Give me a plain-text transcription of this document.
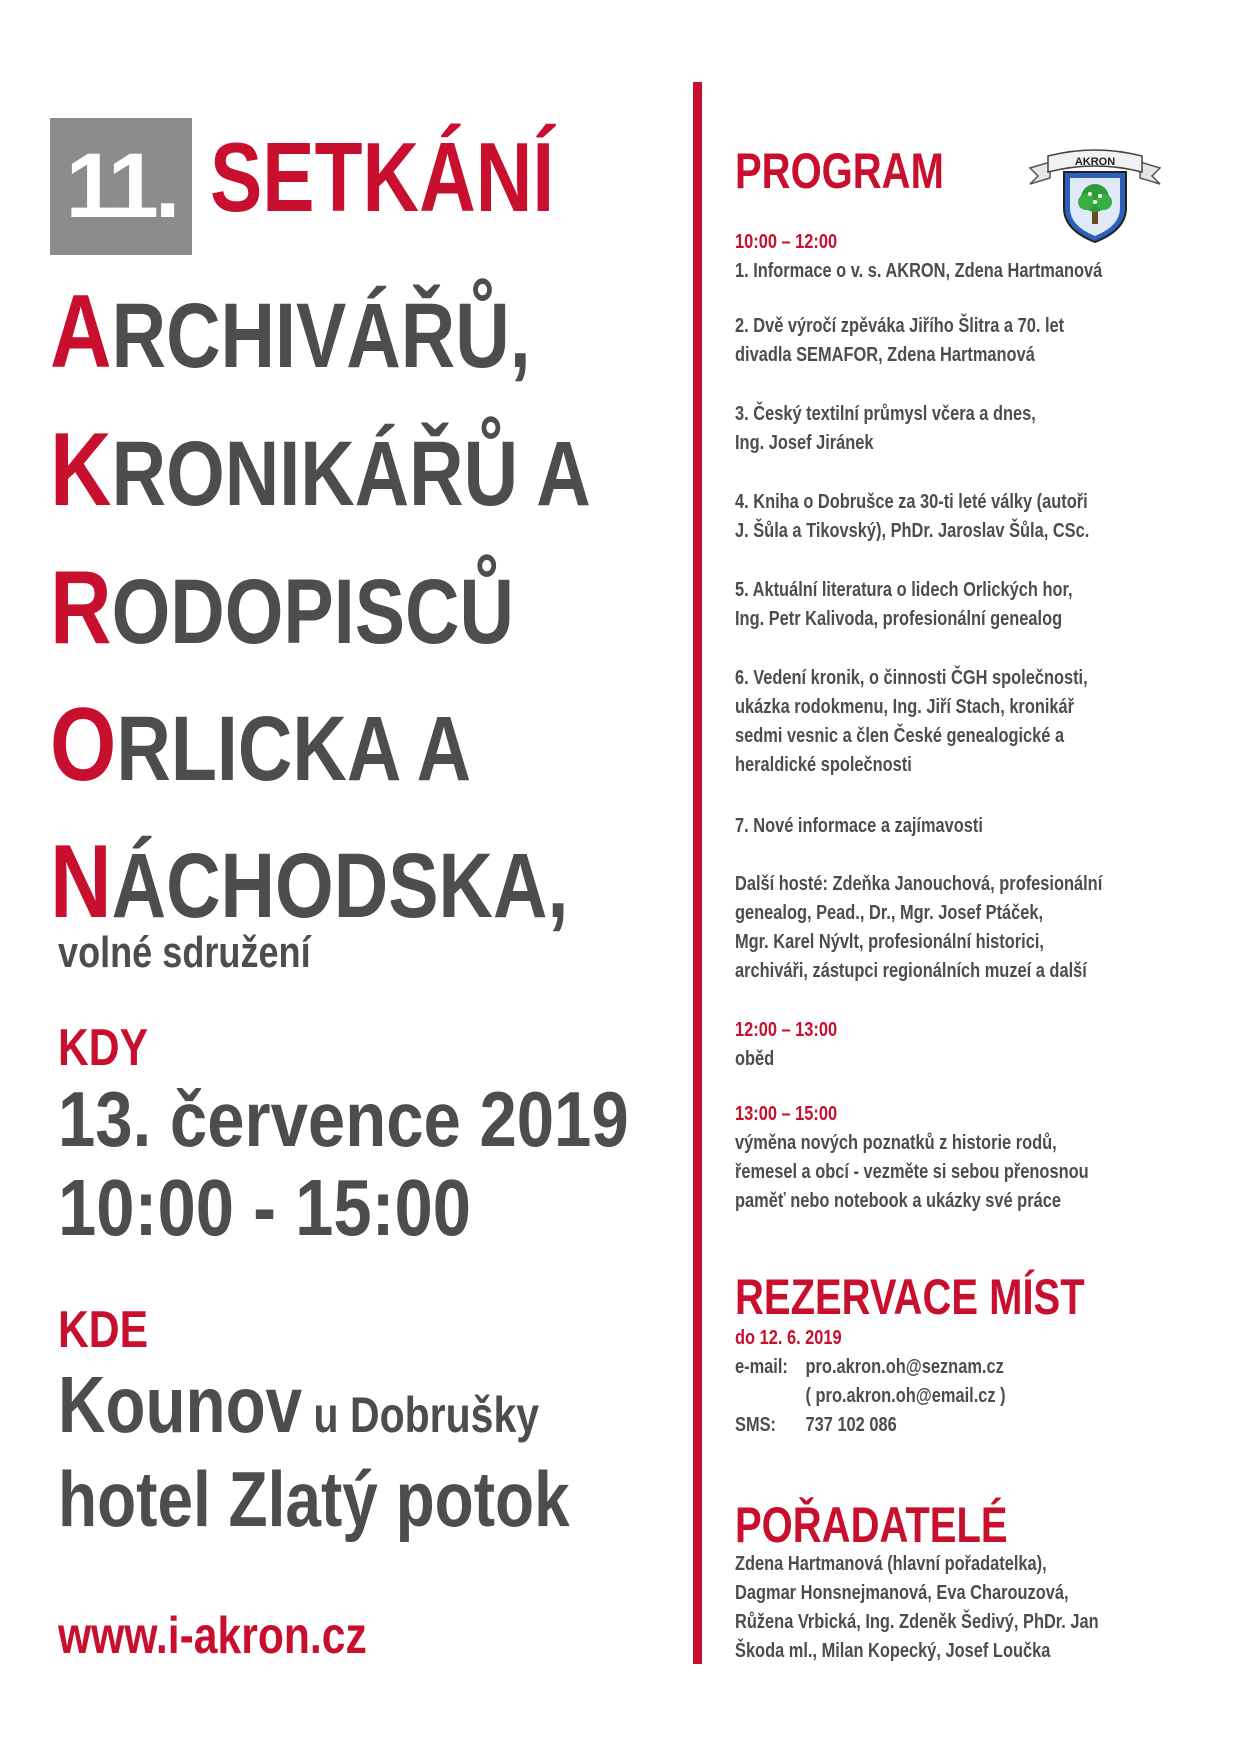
11. SETKÁNÍ
ARCHIVÁŘŮ,
KRONIKÁŘŮ A
RODOPISCŮ
ORLICKA A
NÁCHODSKA,
volné sdružení
KDY
13. července 2019
10:00 - 15:00
KDE
Kounov u Dobrušky
hotel Zlatý potok
www.i-akron.cz
PROGRAM	AKRON
10:00 – 12:00
1. Informace o v. s. AKRON, Zdena Hartmanová
2. Dvě výročí zpěváka Jiřího Šlitra a 70. let
divadla SEMAFOR, Zdena Hartmanová
3. Český textilní průmysl včera a dnes,
Ing. Josef Jiránek
4. Kniha o Dobrušce za 30-ti leté války (autoři
J. Šůla a Tikovský), PhDr. Jaroslav Šůla, CSc.
5. Aktuální literatura o lidech Orlických hor,
Ing. Petr Kalivoda, profesionální genealog
6. Vedení kronik, o činnosti ČGH společnosti,
ukázka rodokmenu, Ing. Jiří Stach, kronikář
sedmi vesnic a člen České genealogické a
heraldické společnosti
7. Nové informace a zajímavosti
Další hosté: Zdeňka Janouchová, profesionální
genealog, Pead., Dr., Mgr. Josef Ptáček,
Mgr. Karel Nývlt, profesionální historici,
archiváři, zástupci regionálních muzeí a další
12:00 – 13:00
oběd
13:00 – 15:00
výměna nových poznatků z historie rodů,
řemesel a obcí - vezměte si sebou přenosnou
paměť nebo notebook a ukázky své práce
REZERVACE MÍST
do 12. 6. 2019
e-mail: pro.akron.oh@seznam.cz
( pro.akron.oh@email.cz )
SMS: 737 102 086
POŘADATELÉ
Zdena Hartmanová (hlavní pořadatelka),
Dagmar Honsnejmanová, Eva Charouzová,
Růžena Vrbická, Ing. Zdeněk Šedivý, PhDr. Jan
Škoda ml., Milan Kopecký, Josef Loučka
